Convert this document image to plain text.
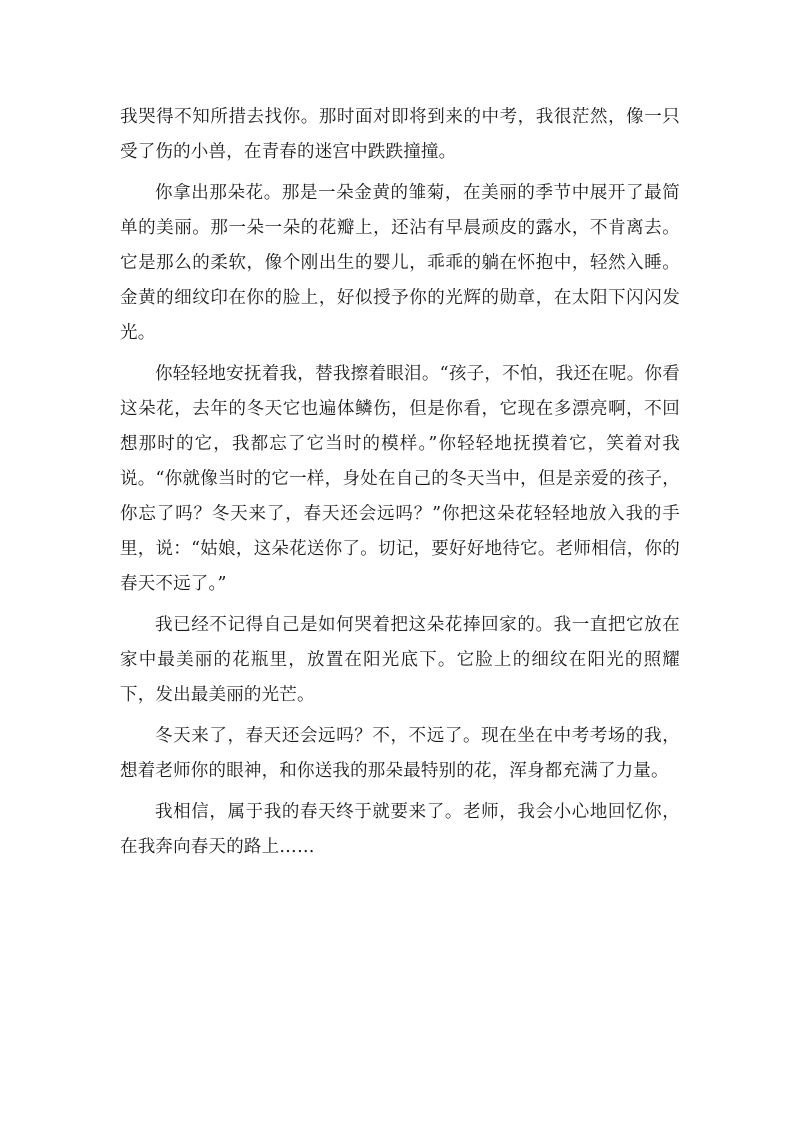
我哭得不知所措去找你。那时面对即将到来的中考，我很茫然，像一只受了伤的小兽，在青春的迷宫中跌跌撞撞。

你拿出那朵花。那是一朵金黄的雏菊，在美丽的季节中展开了最简单的美丽。那一朵一朵的花瓣上，还沾有早晨顽皮的露水，不肯离去。它是那么的柔软，像个刚出生的婴儿，乖乖的躺在怀抱中，轻然入睡。金黄的细纹印在你的脸上，好似授予你的光辉的勋章，在太阳下闪闪发光。

你轻轻地安抚着我，替我擦着眼泪。“孩子，不怕，我还在呢。你看这朵花，去年的冬天它也遍体鳞伤，但是你看，它现在多漂亮啊，不回想那时的它，我都忘了它当时的模样。”你轻轻地抚摸着它，笑着对我说。“你就像当时的它一样，身处在自己的冬天当中，但是亲爱的孩子，你忘了吗？冬天来了，春天还会远吗？”你把这朵花轻轻地放入我的手里，说：“姑娘，这朵花送你了。切记，要好好地待它。老师相信，你的春天不远了。”

我已经不记得自己是如何哭着把这朵花捧回家的。我一直把它放在家中最美丽的花瓶里，放置在阳光底下。它脸上的细纹在阳光的照耀下，发出最美丽的光芒。

冬天来了，春天还会远吗？不，不远了。现在坐在中考考场的我，想着老师你的眼神，和你送我的那朵最特别的花，浑身都充满了力量。

我相信，属于我的春天终于就要来了。老师，我会小心地回忆你，在我奔向春天的路上……
